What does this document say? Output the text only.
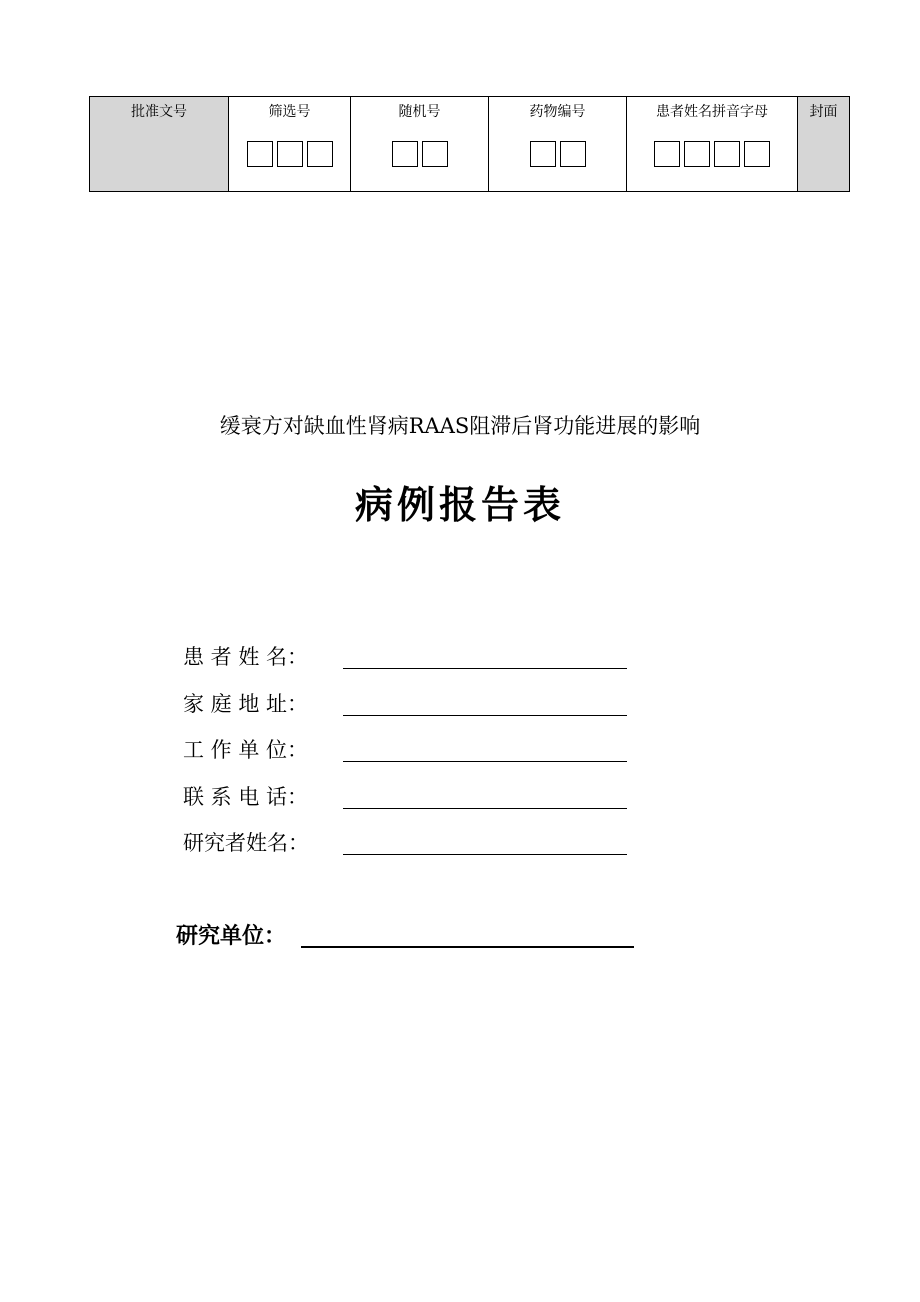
批准文号	筛选号	随机号	药物编号	患者姓名拼音字母	封面
缓衰方对缺血性肾病RAAS阻滞后肾功能进展的影响
病例报告表
患 者 姓 名：
家 庭 地 址：
工 作 单 位：
联 系 电 话：
研究者姓名：
研究单位：
